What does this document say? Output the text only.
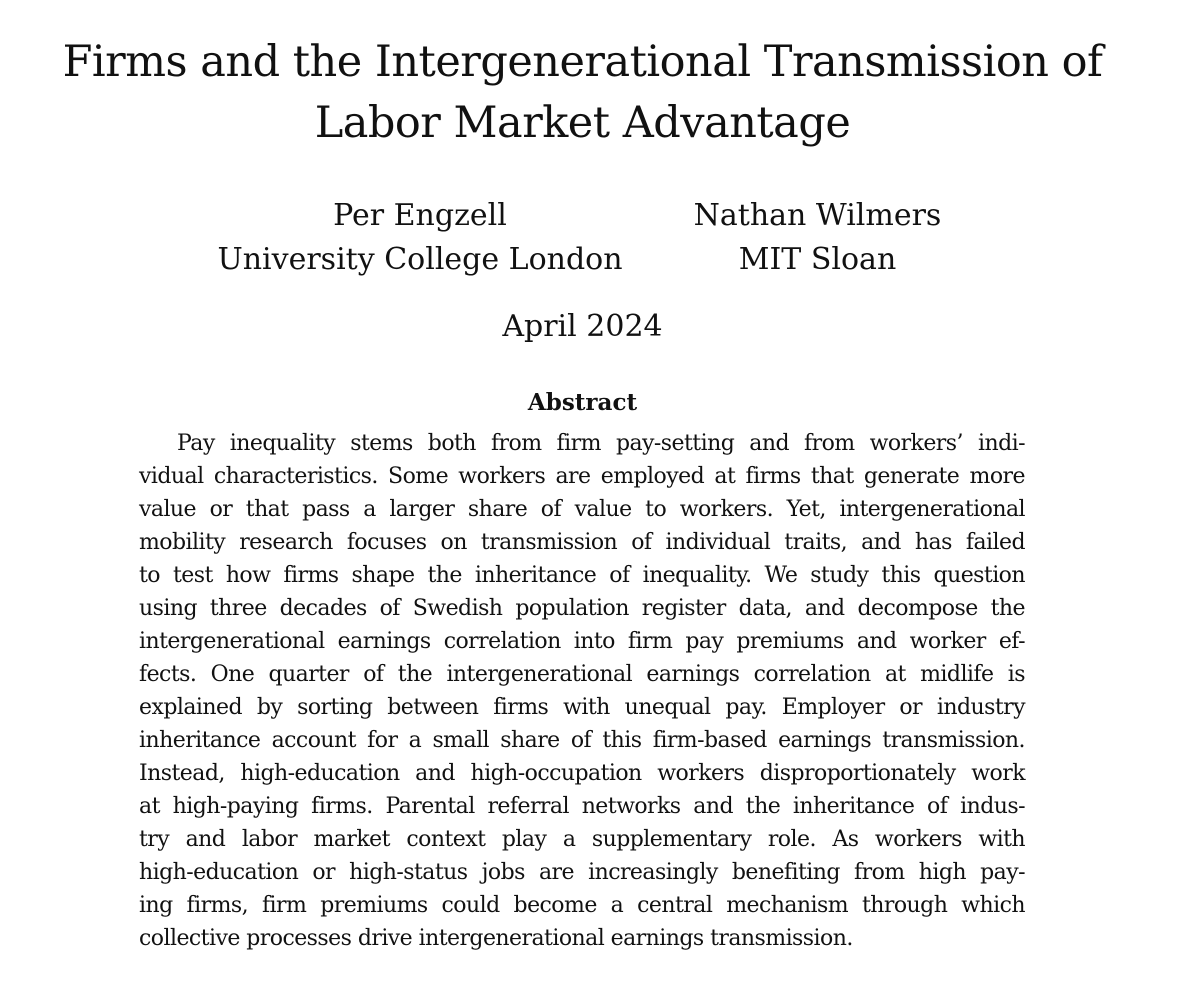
Firms and the Intergenerational Transmission of
Labor Market Advantage
Per Engzell
University College London
Nathan Wilmers
MIT Sloan
April 2024
Abstract
Pay inequality stems both from firm pay-setting and from workers’ indi-
vidual characteristics. Some workers are employed at firms that generate more
value or that pass a larger share of value to workers. Yet, intergenerational
mobility research focuses on transmission of individual traits, and has failed
to test how firms shape the inheritance of inequality. We study this question
using three decades of Swedish population register data, and decompose the
intergenerational earnings correlation into firm pay premiums and worker ef-
fects. One quarter of the intergenerational earnings correlation at midlife is
explained by sorting between firms with unequal pay. Employer or industry
inheritance account for a small share of this firm-based earnings transmission.
Instead, high-education and high-occupation workers disproportionately work
at high-paying firms. Parental referral networks and the inheritance of indus-
try and labor market context play a supplementary role. As workers with
high-education or high-status jobs are increasingly benefiting from high pay-
ing firms, firm premiums could become a central mechanism through which
collective processes drive intergenerational earnings transmission.
